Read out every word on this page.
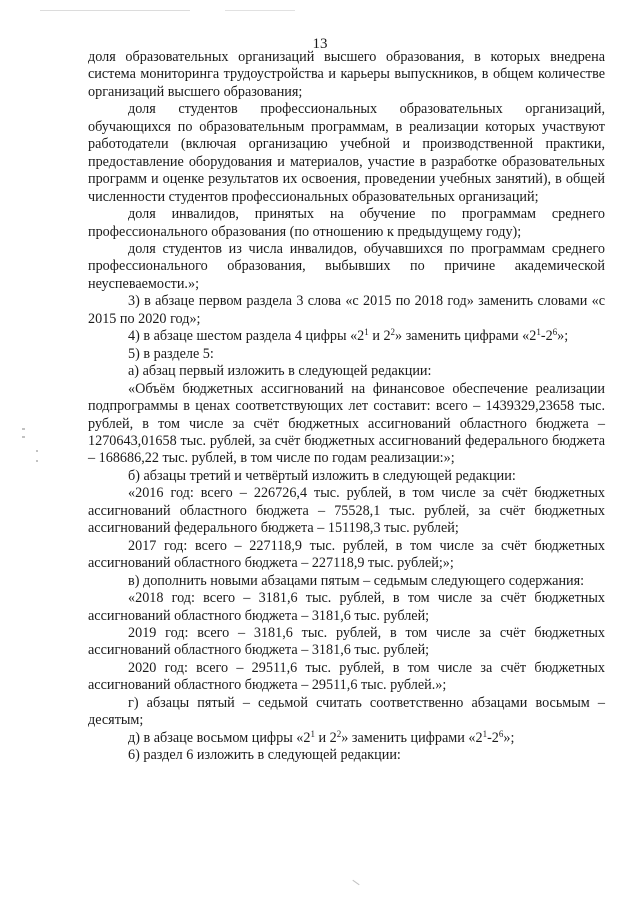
13

доля образовательных организаций высшего образования, в которых внедрена система мониторинга трудоустройства и карьеры выпускников, в общем количестве организаций высшего образования;

доля студентов профессиональных образовательных организаций, обучающихся по образовательным программам, в реализации которых участвуют работодатели (включая организацию учебной и производственной практики, предоставление оборудования и материалов, участие в разработке образовательных программ и оценке результатов их освоения, проведении учебных занятий), в общей численности студентов профессиональных образовательных организаций;

доля инвалидов, принятых на обучение по программам среднего профессионального образования (по отношению к предыдущему году);

доля студентов из числа инвалидов, обучавшихся по программам среднего профессионального образования, выбывших по причине академической неуспеваемости.»;

3) в абзаце первом раздела 3 слова «с 2015 по 2018 год» заменить словами «с 2015 по 2020 год»;

4) в абзаце шестом раздела 4 цифры «$2^1$ и $2^2$» заменить цифрами «$2^1-2^6$»;

5) в разделе 5:

а) абзац первый изложить в следующей редакции:

«Объём бюджетных ассигнований на финансовое обеспечение реализации подпрограммы в ценах соответствующих лет составит: всего – 1439329,23658 тыс. рублей, в том числе за счёт бюджетных ассигнований областного бюджета – 1270643,01658 тыс. рублей, за счёт бюджетных ассигнований федерального бюджета – 168686,22 тыс. рублей, в том числе по годам реализации:»;

б) абзацы третий и четвёртый изложить в следующей редакции:

«2016 год: всего – 226726,4 тыс. рублей, в том числе за счёт бюджетных ассигнований областного бюджета – 75528,1 тыс. рублей, за счёт бюджетных ассигнований федерального бюджета – 151198,3 тыс. рублей;

2017 год: всего – 227118,9 тыс. рублей, в том числе за счёт бюджетных ассигнований областного бюджета – 227118,9 тыс. рублей;»;

в) дополнить новыми абзацами пятым – седьмым следующего содержания:

«2018 год: всего – 3181,6 тыс. рублей, в том числе за счёт бюджетных ассигнований областного бюджета – 3181,6 тыс. рублей;

2019 год: всего – 3181,6 тыс. рублей, в том числе за счёт бюджетных ассигнований областного бюджета – 3181,6 тыс. рублей;

2020 год: всего – 29511,6 тыс. рублей, в том числе за счёт бюджетных ассигнований областного бюджета – 29511,6 тыс. рублей.»;

г) абзацы пятый – седьмой считать соответственно абзацами восьмым – десятым;

д) в абзаце восьмом цифры «$2^1$ и $2^2$» заменить цифрами «$2^1-2^6$»;

6) раздел 6 изложить в следующей редакции:
